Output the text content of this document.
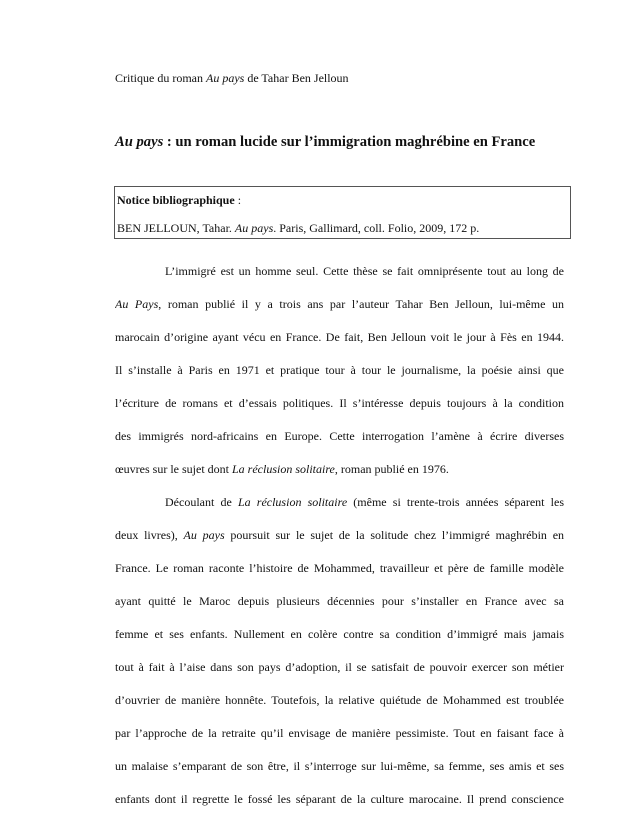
Critique du roman Au pays de Tahar Ben Jelloun
Au pays : un roman lucide sur l’immigration maghrébine en France
Notice bibliographique :
BEN JELLOUN, Tahar. Au pays. Paris, Gallimard, coll. Folio, 2009, 172 p.
L’immigré est un homme seul. Cette thèse se fait omniprésente tout au long de
Au Pays, roman publié il y a trois ans par l’auteur Tahar Ben Jelloun, lui-même un
marocain d’origine ayant vécu en France. De fait, Ben Jelloun voit le jour à Fès en 1944.
Il s’installe à Paris en 1971 et pratique tour à tour le journalisme, la poésie ainsi que
l’écriture de romans et d’essais politiques. Il s’intéresse depuis toujours à la condition
des immigrés nord-africains en Europe. Cette interrogation l’amène à écrire diverses
œuvres sur le sujet dont La réclusion solitaire, roman publié en 1976.
Découlant de La réclusion solitaire (même si trente-trois années séparent les
deux livres), Au pays poursuit sur le sujet de la solitude chez l’immigré maghrébin en
France. Le roman raconte l’histoire de Mohammed, travailleur et père de famille modèle
ayant quitté le Maroc depuis plusieurs décennies pour s’installer en France avec sa
femme et ses enfants. Nullement en colère contre sa condition d’immigré mais jamais
tout à fait à l’aise dans son pays d’adoption, il se satisfait de pouvoir exercer son métier
d’ouvrier de manière honnête. Toutefois, la relative quiétude de Mohammed est troublée
par l’approche de la retraite qu’il envisage de manière pessimiste. Tout en faisant face à
un malaise s’emparant de son être, il s’interroge sur lui-même, sa femme, ses amis et ses
enfants dont il regrette le fossé les séparant de la culture marocaine. Il prend conscience
